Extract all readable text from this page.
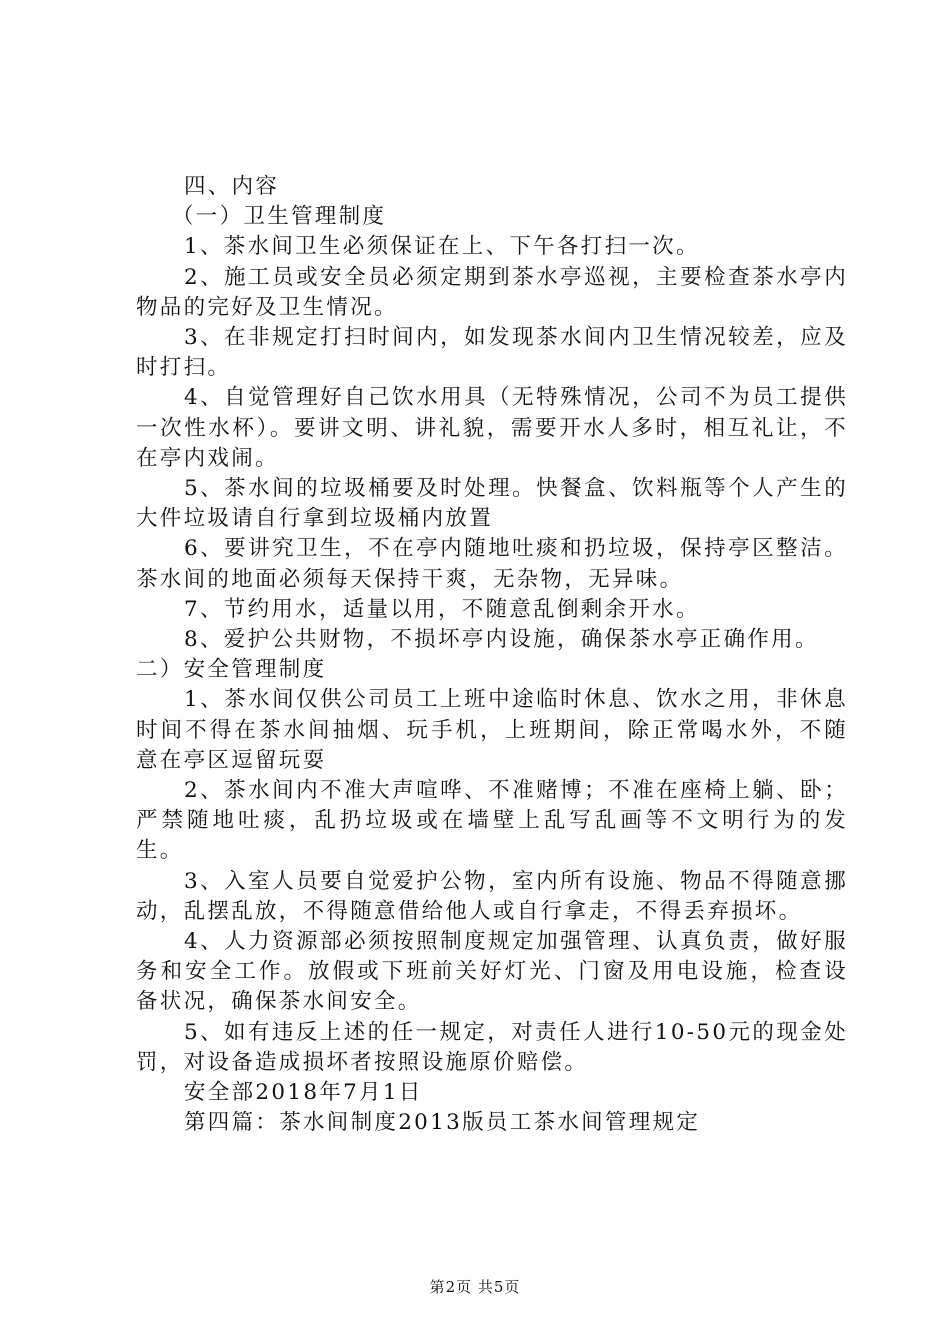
四、内容

（一）卫生管理制度

1、茶水间卫生必须保证在上、下午各打扫一次。

2、施工员或安全员必须定期到茶水亭巡视，主要检查茶水亭内物品的完好及卫生情况。

3、在非规定打扫时间内，如发现茶水间内卫生情况较差，应及时打扫。

4、自觉管理好自己饮水用具（无特殊情况，公司不为员工提供一次性水杯）。要讲文明、讲礼貌，需要开水人多时，相互礼让，不在亭内戏闹。

5、茶水间的垃圾桶要及时处理。快餐盒、饮料瓶等个人产生的大件垃圾请自行拿到垃圾桶内放置

6、要讲究卫生，不在亭内随地吐痰和扔垃圾，保持亭区整洁。茶水间的地面必须每天保持干爽，无杂物，无异味。

7、节约用水，适量以用，不随意乱倒剩余开水。

8、爱护公共财物，不损坏亭内设施，确保茶水亭正确作用。

二）安全管理制度

1、茶水间仅供公司员工上班中途临时休息、饮水之用，非休息时间不得在茶水间抽烟、玩手机，上班期间，除正常喝水外，不随意在亭区逗留玩耍

2、茶水间内不准大声喧哗、不准赌博；不准在座椅上躺、卧；严禁随地吐痰，乱扔垃圾或在墙壁上乱写乱画等不文明行为的发生。

3、入室人员要自觉爱护公物，室内所有设施、物品不得随意挪动，乱摆乱放，不得随意借给他人或自行拿走，不得丢弃损坏。

4、人力资源部必须按照制度规定加强管理、认真负责，做好服务和安全工作。放假或下班前关好灯光、门窗及用电设施，检查设备状况，确保茶水间安全。

5、如有违反上述的任一规定，对责任人进行10-50元的现金处罚，对设备造成损坏者按照设施原价赔偿。

安全部2018年7月1日

第四篇：茶水间制度2013版员工茶水间管理规定

第2页 共5页
